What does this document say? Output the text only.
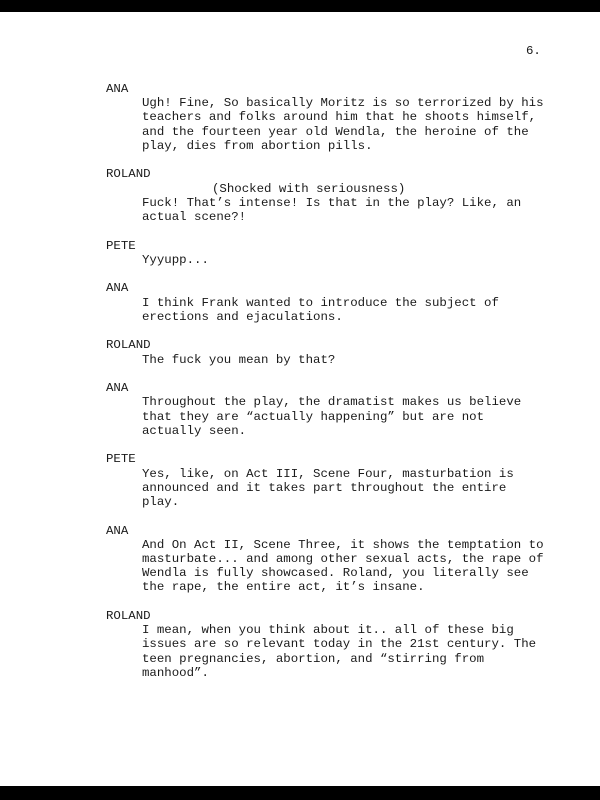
6.
ANA
Ugh! Fine, So basically Moritz is so terrorized by his
teachers and folks around him that he shoots himself,
and the fourteen year old Wendla, the heroine of the
play, dies from abortion pills.
ROLAND
(Shocked with seriousness)
Fuck! That’s intense! Is that in the play? Like, an
actual scene?!
PETE
Yyyupp...
ANA
I think Frank wanted to introduce the subject of
erections and ejaculations.
ROLAND
The fuck you mean by that?
ANA
Throughout the play, the dramatist makes us believe
that they are “actually happening” but are not
actually seen.
PETE
Yes, like, on Act III, Scene Four, masturbation is
announced and it takes part throughout the entire
play.
ANA
And On Act II, Scene Three, it shows the temptation to
masturbate... and among other sexual acts, the rape of
Wendla is fully showcased. Roland, you literally see
the rape, the entire act, it’s insane.
ROLAND
I mean, when you think about it.. all of these big
issues are so relevant today in the 21st century. The
teen pregnancies, abortion, and “stirring from
manhood”.
